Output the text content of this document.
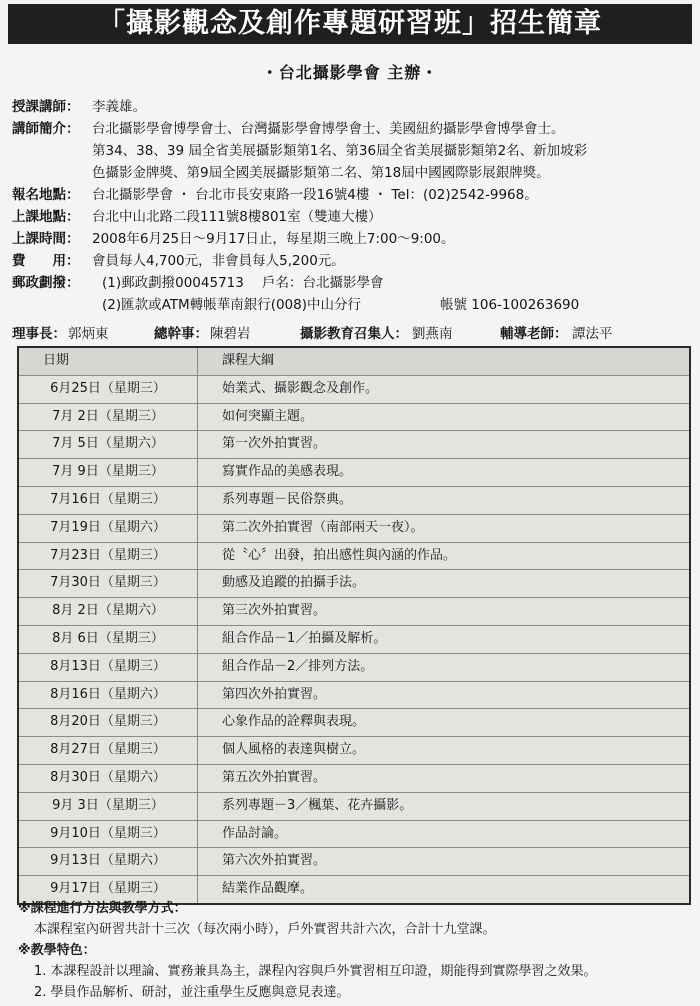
「攝影觀念及創作專題研習班」招生簡章
・台北攝影學會 主辦・
授課講師： 李義雄。
講師簡介： 台北攝影學會博學會士、台灣攝影學會博學會士、美國紐約攝影學會博學會士。
第34、38、39 屆全省美展攝影類第1名、第36屆全省美展攝影類第2名、新加坡彩
色攝影金牌獎、第9屆全國美展攝影類第二名、第18屆中國國際影展銀牌獎。
報名地點： 台北攝影學會 ・ 台北市長安東路一段16號4樓 ・ Tel：(02)2542-9968。
上課地點： 台北中山北路二段111號8樓801室（雙連大樓）
上課時間： 2008年6月25日～9月17日止，每星期三晚上7:00～9:00。
費　　用： 會員每人4,700元，非會員每人5,200元。
郵政劃撥： (1)郵政劃撥00045713 戶名：台北攝影學會
(2)匯款或ATM轉帳華南銀行(008)中山分行	帳號 106-100263690
理事長： 郭炳東	總幹事： 陳碧岩	攝影教育召集人： 劉燕南	輔導老師： 譚法平
日期	課程大綱
6月25日（星期三）	始業式、攝影觀念及創作。
7月 2日（星期三）	如何突顯主題。
7月 5日（星期六）	第一次外拍實習。
7月 9日（星期三）	寫實作品的美感表現。
7月16日（星期三）	系列專題－民俗祭典。
7月19日（星期六）	第二次外拍實習（南部兩天一夜）。
7月23日（星期三）	從〝心〞出發，拍出感性與內涵的作品。
7月30日（星期三）	動感及追蹤的拍攝手法。
8月 2日（星期六）	第三次外拍實習。
8月 6日（星期三）	組合作品－1／拍攝及解析。
8月13日（星期三）	組合作品－2／排列方法。
8月16日（星期六）	第四次外拍實習。
8月20日（星期三）	心象作品的詮釋與表現。
8月27日（星期三）	個人風格的表達與樹立。
8月30日（星期六）	第五次外拍實習。
9月 3日（星期三）	系列專題－3／楓葉、花卉攝影。
9月10日（星期三）	作品討論。
9月13日（星期六）	第六次外拍實習。
9月17日（星期三）	結業作品觀摩。
※課程進行方法與教學方式：
本課程室內研習共計十三次（每次兩小時），戶外實習共計六次，合計十九堂課。
※教學特色：
1. 本課程設計以理論、實務兼具為主，課程內容與戶外實習相互印證，期能得到實際學習之效果。
2. 學員作品解析、研討，並注重學生反應與意見表達。
